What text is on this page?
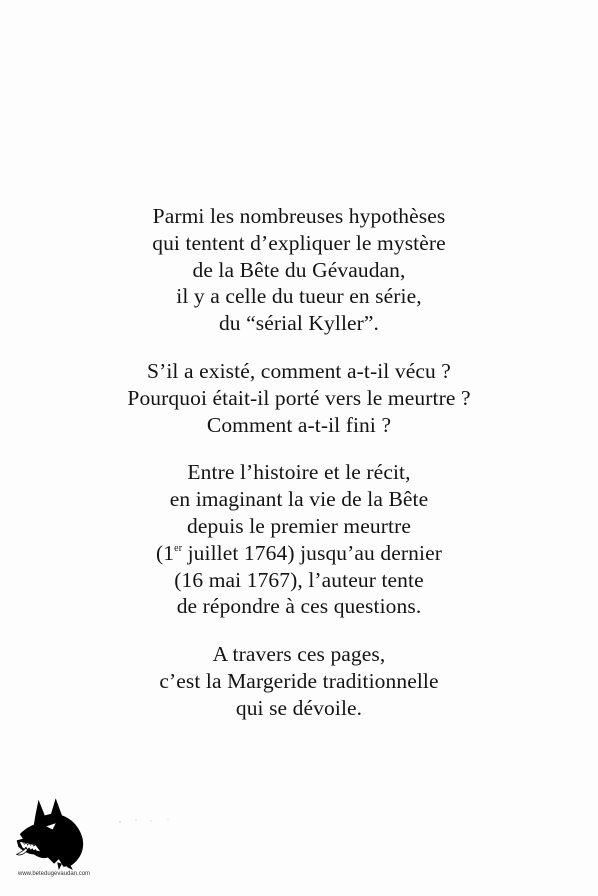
Parmi les nombreuses hypothèses
qui tentent d’expliquer le mystère
de la Bête du Gévaudan,
il y a celle du tueur en série,
du “sérial Kyller”.

S’il a existé, comment a-t-il vécu ?
Pourquoi était-il porté vers le meurtre ?
Comment a-t-il fini ?

Entre l’histoire et le récit,
en imaginant la vie de la Bête
depuis le premier meurtre
(1er juillet 1764) jusqu’au dernier
(16 mai 1767), l’auteur tente
de répondre à ces questions.

A travers ces pages,
c’est la Margeride traditionnelle
qui se dévoile.

www.betedugevaudan.com
